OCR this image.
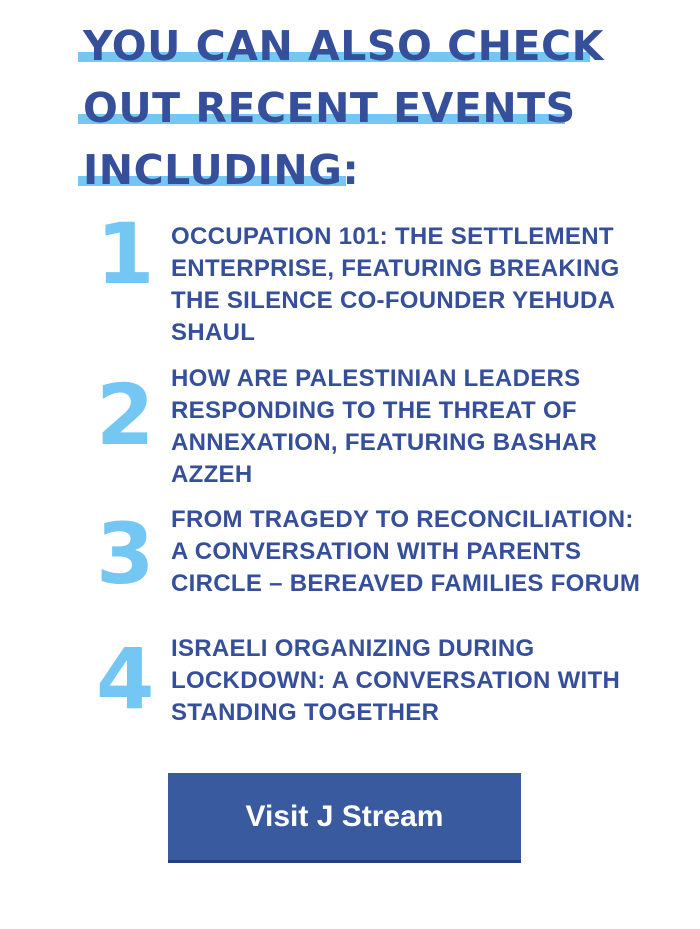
YOU CAN ALSO CHECK
OUT RECENT EVENTS
INCLUDING:
1 OCCUPATION 101: THE SETTLEMENT ENTERPRISE, FEATURING BREAKING THE SILENCE CO-FOUNDER YEHUDA SHAUL
2 HOW ARE PALESTINIAN LEADERS RESPONDING TO THE THREAT OF ANNEXATION, FEATURING BASHAR AZZEH
3 FROM TRAGEDY TO RECONCILIATION: A CONVERSATION WITH PARENTS CIRCLE – BEREAVED FAMILIES FORUM
4 ISRAELI ORGANIZING DURING LOCKDOWN: A CONVERSATION WITH STANDING TOGETHER
Visit J Stream
